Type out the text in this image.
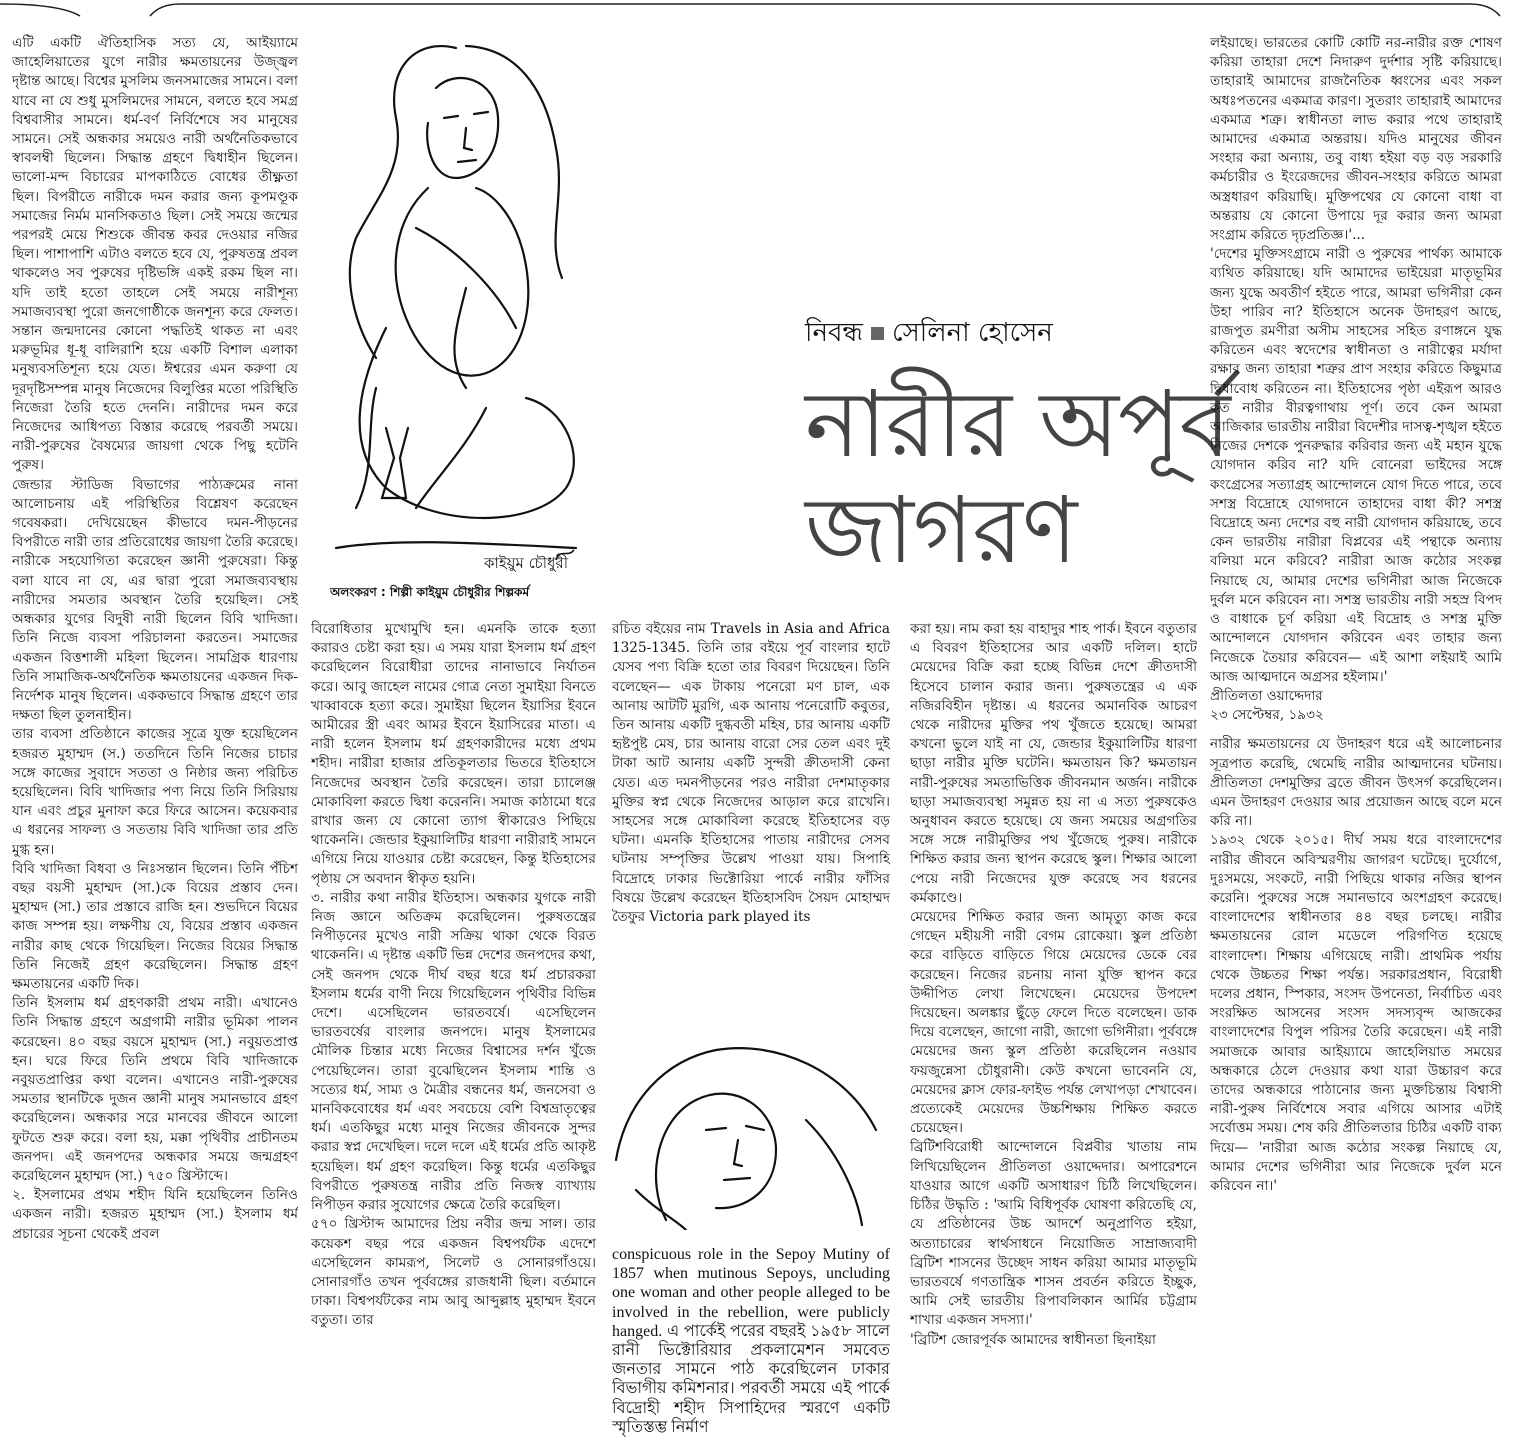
এটি একটি ঐতিহাসিক সত্য যে, আইয়্যামে জাহেলিয়াতের যুগে নারীর ক্ষমতায়নের উজ্জ্বল দৃষ্টান্ত আছে। বিশ্বের মুসলিম জনসমাজের সামনে। বলা যাবে না যে শুধু মুসলিমদের সামনে, বলতে হবে সমগ্র বিশ্ববাসীর সামনে। ধর্ম-বর্ণ নির্বিশেষে সব মানুষের সামনে। সেই অন্ধকার সময়েও নারী অর্থনৈতিকভাবে স্বাবলম্বী ছিলেন। সিদ্ধান্ত গ্রহণে দ্বিধাহীন ছিলেন। ভালো-মন্দ বিচারের মাপকাঠিতে বোধের তীক্ষ্ণতা ছিল। বিপরীতে নারীকে দমন করার জন্য কূপমণ্ডূক সমাজের নির্মম মানসিকতাও ছিল। সেই সময়ে জন্মের পরপরই মেয়ে শিশুকে জীবন্ত কবর দেওয়ার নজির ছিল। পাশাপাশি এটাও বলতে হবে যে, পুরুষতন্ত্র প্রবল থাকলেও সব পুরুষের দৃষ্টিভঙ্গি একই রকম ছিল না। যদি তাই হতো তাহলে সেই সময়ে নারীশূন্য সমাজব্যবস্থা পুরো জনগোষ্ঠীকে জনশূন্য করে ফেলত। সন্তান জন্মদানের কোনো পদ্ধতিই থাকত না এবং মরুভূমির ধূ-ধূ বালিরাশি হয়ে একটি বিশাল এলাকা মনুষ্যবসতিশূন্য হয়ে যেত। ঈশ্বরের এমন করুণা যে দূরদৃষ্টিসম্পন্ন মানুষ নিজেদের বিলুপ্তির মতো পরিস্থিতি নিজেরা তৈরি হতে দেননি। নারীদের দমন করে নিজেদের আধিপত্য বিস্তার করেছে পরবর্তী সময়ে। নারী-পুরুষের বৈষম্যের জায়গা থেকে পিছু হটেনি পুরুষ।

জেন্ডার স্টাডিজ বিভাগের পাঠ্যক্রমের নানা আলোচনায় এই পরিস্থিতির বিশ্লেষণ করেছেন গবেষকরা। দেখিয়েছেন কীভাবে দমন-পীড়নের বিপরীতে নারী তার প্রতিরোধের জায়গা তৈরি করেছে। নারীকে সহযোগিতা করেছেন জ্ঞানী পুরুষেরা। কিন্তু বলা যাবে না যে, এর দ্বারা পুরো সমাজব্যবস্থায় নারীদের সমতার অবস্থান তৈরি হয়েছিল। সেই অন্ধকার যুগের বিদুষী নারী ছিলেন বিবি খাদিজা। তিনি নিজে ব্যবসা পরিচালনা করতেন। সমাজের একজন বিত্তশালী মহিলা ছিলেন। সামগ্রিক ধারণায় তিনি সামাজিক-অর্থনৈতিক ক্ষমতায়নের একজন দিক-নির্দেশক মানুষ ছিলেন। এককভাবে সিদ্ধান্ত গ্রহণে তার দক্ষতা ছিল তুলনাহীন।

তার ব্যবসা প্রতিষ্ঠানে কাজের সূত্রে যুক্ত হয়েছিলেন হজরত মুহাম্মদ (স.) ততদিনে তিনি নিজের চাচার সঙ্গে কাজের সুবাদে সততা ও নিষ্ঠার জন্য পরিচিত হয়েছিলেন। বিবি খাদিজার পণ্য নিয়ে তিনি সিরিয়ায় যান এবং প্রচুর মুনাফা করে ফিরে আসেন। কয়েকবার এ ধরনের সাফল্য ও সততায় বিবি খাদিজা তার প্রতি মুগ্ধ হন।

বিবি খাদিজা বিধবা ও নিঃসন্তান ছিলেন। তিনি পঁচিশ বছর বয়সী মুহাম্মদ (সা.)কে বিয়ের প্রস্তাব দেন। মুহাম্মদ (সা.) তার প্রস্তাবে রাজি হন। শুভদিনে বিয়ের কাজ সম্পন্ন হয়। লক্ষণীয় যে, বিয়ের প্রস্তাব একজন নারীর কাছ থেকে গিয়েছিল। নিজের বিয়ের সিদ্ধান্ত তিনি নিজেই গ্রহণ করেছিলেন। সিদ্ধান্ত গ্রহণ ক্ষমতায়নের একটি দিক।

তিনি ইসলাম ধর্ম গ্রহণকারী প্রথম নারী। এখানেও তিনি সিদ্ধান্ত গ্রহণে অগ্রগামী নারীর ভূমিকা পালন করেছেন। ৪০ বছর বয়সে মুহাম্মদ (সা.) নবুয়তপ্রাপ্ত হন। ঘরে ফিরে তিনি প্রথমে বিবি খাদিজাকে নবুয়তপ্রাপ্তির কথা বলেন। এখানেও নারী-পুরুষের সমতার স্থানটিকে দুজন জ্ঞানী মানুষ সমানভাবে গ্রহণ করেছিলেন। অন্ধকার সরে মানবের জীবনে আলো ফুটতে শুরু করে। বলা হয়, মক্কা পৃথিবীর প্রাচীনতম জনপদ। এই জনপদের অন্ধকার সময়ে জন্মগ্রহণ করেছিলেন মুহাম্মদ (সা.) ৭৫০ খ্রিস্টাব্দে।

২. ইসলামের প্রথম শহীদ যিনি হয়েছিলেন তিনিও একজন নারী। হজরত মুহাম্মদ (সা.) ইসলাম ধর্ম প্রচারের সূচনা থেকেই প্রবল

কাইয়ুম চৌধুরী
অলংকরণ : শিল্পী কাইয়ুম চৌধুরীর শিল্পকর্ম
নিবন্ধ সেলিনা হোসেন
নারীর অপূর্ব
জাগরণ

বিরোধিতার মুখোমুখি হন। এমনকি তাকে হত্যা করারও চেষ্টা করা হয়। এ সময় যারা ইসলাম ধর্ম গ্রহণ করেছিলেন বিরোধীরা তাদের নানাভাবে নির্যাতন করে। আবু জাহেল নামের গোত্র নেতা সুমাইয়া বিনতে খাব্বাবকে হত্যা করে। সুমাইয়া ছিলেন ইয়াসির ইবনে আমীরের স্ত্রী এবং আমর ইবনে ইয়াসিরের মাতা। এ নারী হলেন ইসলাম ধর্ম গ্রহণকারীদের মধ্যে প্রথম শহীদ। নারীরা হাজার প্রতিকূলতার ভিতরে ইতিহাসে নিজেদের অবস্থান তৈরি করেছেন। তারা চ্যালেঞ্জ মোকাবিলা করতে দ্বিধা করেননি। সমাজ কাঠামো ধরে রাখার জন্য যে কোনো ত্যাগ স্বীকারেও পিছিয়ে থাকেননি। জেন্ডার ইকুয়ালিটির ধারণা নারীরাই সামনে এগিয়ে নিয়ে যাওয়ার চেষ্টা করেছেন, কিন্তু ইতিহাসের পৃষ্ঠায় সে অবদান স্বীকৃত হয়নি।

৩. নারীর কথা নারীর ইতিহাস। অন্ধকার যুগকে নারী নিজ জ্ঞানে অতিক্রম করেছিলেন। পুরুষতন্ত্রের নিপীড়নের মুখেও নারী সক্রিয় থাকা থেকে বিরত থাকেননি। এ দৃষ্টান্ত একটি ভিন্ন দেশের জনপদের কথা, সেই জনপদ থেকে দীর্ঘ বছর ধরে ধর্ম প্রচারকরা ইসলাম ধর্মের বাণী নিয়ে গিয়েছিলেন পৃথিবীর বিভিন্ন দেশে। এসেছিলেন ভারতবর্ষে। এসেছিলেন ভারতবর্ষের বাংলার জনপদে। মানুষ ইসলামের মৌলিক চিন্তার মধ্যে নিজের বিশ্বাসের দর্শন খুঁজে পেয়েছিলেন। তারা বুঝেছিলেন ইসলাম শান্তি ও সত্যের ধর্ম, সাম্য ও মৈত্রীর বন্ধনের ধর্ম, জনসেবা ও মানবিকবোধের ধর্ম এবং সবচেয়ে বেশি বিশ্বভ্রাতৃত্বের ধর্ম। এতকিছুর মধ্যে মানুষ নিজের জীবনকে সুন্দর করার স্বপ্ন দেখেছিল। দলে দলে এই ধর্মের প্রতি আকৃষ্ট হয়েছিল। ধর্ম গ্রহণ করেছিল। কিন্তু ধর্মের এতকিছুর বিপরীতে পুরুষতন্ত্র নারীর প্রতি নিজস্ব ব্যাখ্যায় নিপীড়ন করার সুযোগের ক্ষেত্রে তৈরি করেছিল।

৫৭০ খ্রিস্টাব্দ আমাদের প্রিয় নবীর জন্ম সাল। তার কয়েকশ বছর পরে একজন বিশ্বপর্যটক এদেশে এসেছিলেন কামরূপ, সিলেট ও সোনারগাঁওয়ে। সোনারগাঁও তখন পূর্ববঙ্গের রাজধানী ছিল। বর্তমানে ঢাকা। বিশ্বপর্যটকের নাম আবু আব্দুল্লাহ মুহাম্মদ ইবনে বতুতা। তার

রচিত বইয়ের নাম Travels in Asia and Africa 1325-1345. তিনি তার বইয়ে পূর্ব বাংলার হাটে যেসব পণ্য বিক্রি হতো তার বিবরণ দিয়েছেন। তিনি বলেছেন— এক টাকায় পনেরো মণ চাল, এক আনায় আটটি মুরগি, এক আনায় পনেরোটি কবুতর, তিন আনায় একটি দুগ্ধবতী মহিষ, চার আনায় একটি হৃষ্টপুষ্ট মেষ, চার আনায় বারো সের তেল এবং দুই টাকা আট আনায় একটি সুন্দরী ক্রীতদাসী কেনা যেত। এত দমনপীড়নের পরও নারীরা দেশমাতৃকার মুক্তির স্বপ্ন থেকে নিজেদের আড়াল করে রাখেনি। সাহসের সঙ্গে মোকাবিলা করেছে ইতিহাসের বড় ঘটনা। এমনকি ইতিহাসের পাতায় নারীদের সেসব ঘটনায় সম্পৃক্তির উল্লেখ পাওয়া যায়। সিপাহি বিদ্রোহে ঢাকার ভিক্টোরিয়া পার্কে নারীর ফাঁসির বিষয়ে উল্লেখ করেছেন ইতিহাসবিদ সৈয়দ মোহাম্মদ তৈফুর Victoria park played its

conspicuous role in the Sepoy Mutiny of 1857 when mutinous Sepoys, uncluding one woman and other people alleged to be involved in the rebellion, were publicly hanged. এ পার্কেই পরের বছরই ১৯৫৮ সালে রানী ভিক্টোরিয়ার প্রকলামেশন সমবেত জনতার সামনে পাঠ করেছিলেন ঢাকার বিভাগীয় কমিশনার। পরবর্তী সময়ে এই পার্কে বিদ্রোহী শহীদ সিপাহিদের স্মরণে একটি স্মৃতিস্তম্ভ নির্মাণ

করা হয়। নাম করা হয় বাহাদুর শাহ পার্ক। ইবনে বতুতার এ বিবরণ ইতিহাসের আর একটি দলিল। হাটে মেয়েদের বিক্রি করা হচ্ছে বিভিন্ন দেশে ক্রীতদাসী হিসেবে চালান করার জন্য। পুরুষতন্ত্রের এ এক নজিরবিহীন দৃষ্টান্ত। এ ধরনের অমানবিক আচরণ থেকে নারীদের মুক্তির পথ খুঁজতে হয়েছে। আমরা কখনো ভুলে যাই না যে, জেন্ডার ইকুয়ালিটির ধারণা ছাড়া নারীর মুক্তি ঘটেনি। ক্ষমতায়ন কি? ক্ষমতায়ন নারী-পুরুষের সমতাভিত্তিক জীবনমান অর্জন। নারীকে ছাড়া সমাজব্যবস্থা সমুন্নত হয় না এ সত্য পুরুষকেও অনুধাবন করতে হয়েছে। যে জন্য সময়ের অগ্রগতির সঙ্গে সঙ্গে নারীমুক্তির পথ খুঁজেছে পুরুষ। নারীকে শিক্ষিত করার জন্য স্থাপন করেছে স্কুল। শিক্ষার আলো পেয়ে নারী নিজেদের যুক্ত করেছে সব ধরনের কর্মকাণ্ডে।

মেয়েদের শিক্ষিত করার জন্য আমৃত্যু কাজ করে গেছেন মহীয়সী নারী বেগম রোকেয়া। স্কুল প্রতিষ্ঠা করে বাড়িতে বাড়িতে গিয়ে মেয়েদের ডেকে বের করেছেন। নিজের রচনায় নানা যুক্তি স্থাপন করে উদ্দীপিত লেখা লিখেছেন। মেয়েদের উপদেশ দিয়েছেন। অলঙ্কার ছুঁড়ে ফেলে দিতে বলেছেন। ডাক দিয়ে বলেছেন, জাগো নারী, জাগো ভগিনীরা। পূর্ববঙ্গে মেয়েদের জন্য স্কুল প্রতিষ্ঠা করেছিলেন নওয়াব ফয়জুন্নেসা চৌধুরানী। কেউ কখনো ভাবেননি যে, মেয়েদের ক্লাস ফোর-ফাইভ পর্যন্ত লেখাপড়া শেখাবেন। প্রত্যেকেই মেয়েদের উচ্চশিক্ষায় শিক্ষিত করতে চেয়েছেন।

ব্রিটিশবিরোধী আন্দোলনে বিপ্লবীর খাতায় নাম লিখিয়েছিলেন প্রীতিলতা ওয়াদ্দেদার। অপারেশনে যাওয়ার আগে একটি অসাধারণ চিঠি লিখেছিলেন। চিঠির উদ্ধৃতি : 'আমি বিধিপূর্বক ঘোষণা করিতেছি যে, যে প্রতিষ্ঠানের উচ্চ আদর্শে অনুপ্রাণিত হইয়া, অত্যাচারের স্বার্থসাধনে নিয়োজিত সাম্রাজ্যবাদী ব্রিটিশ শাসনের উচ্ছেদ সাধন করিয়া আমার মাতৃভূমি ভারতবর্ষে গণতান্ত্রিক শাসন প্রবর্তন করিতে ইচ্ছুক, আমি সেই ভারতীয় রিপাবলিকান আর্মির চট্টগ্রাম শাখার একজন সদস্যা।'

'ব্রিটিশ জোরপূর্বক আমাদের স্বাধীনতা ছিনাইয়া

লইয়াছে। ভারতের কোটি কোটি নর-নারীর রক্ত শোষণ করিয়া তাহারা দেশে নিদারুণ দুর্দশার সৃষ্টি করিয়াছে। তাহারাই আমাদের রাজনৈতিক ধ্বংসের এবং সকল অধঃপতনের একমাত্র কারণ। সুতরাং তাহারাই আমাদের একমাত্র শত্রু। স্বাধীনতা লাভ করার পথে তাহারাই আমাদের একমাত্র অন্তরায়। যদিও মানুষের জীবন সংহার করা অন্যায়, তবু বাধ্য হইয়া বড় বড় সরকারি কর্মচারীর ও ইংরেজদের জীবন-সংহার করিতে আমরা অস্ত্রধারণ করিয়াছি। মুক্তিপথের যে কোনো বাধা বা অন্তরায় যে কোনো উপায়ে দূর করার জন্য আমরা সংগ্রাম করিতে দৃঢ়প্রতিজ্ঞ।'...

'দেশের মুক্তিসংগ্রামে নারী ও পুরুষের পার্থক্য আমাকে ব্যথিত করিয়াছে। যদি আমাদের ভাইয়েরা মাতৃভূমির জন্য যুদ্ধে অবতীর্ণ হইতে পারে, আমরা ভগিনীরা কেন উহা পারিব না? ইতিহাসে অনেক উদাহরণ আছে, রাজপুত রমণীরা অসীম সাহসের সহিত রণাঙ্গনে যুদ্ধ করিতেন এবং স্বদেশের স্বাধীনতা ও নারীত্বের মর্যাদা রক্ষার জন্য তাহারা শত্রুর প্রাণ সংহার করিতে কিছুমাত্র দ্বিধাবোধ করিতেন না। ইতিহাসের পৃষ্ঠা এইরূপ আরও কত নারীর বীরত্বগাথায় পূর্ণ। তবে কেন আমরা আজিকার ভারতীয় নারীরা বিদেশীর দাসত্ব-শৃঙ্খল হইতে নিজের দেশকে পুনরুদ্ধার করিবার জন্য এই মহান যুদ্ধে যোগদান করিব না? যদি বোনেরা ভাইদের সঙ্গে কংগ্রেসের সত্যাগ্রহ আন্দোলনে যোগ দিতে পারে, তবে সশস্ত্র বিদ্রোহে যোগদানে তাহাদের বাধা কী? সশস্ত্র বিদ্রোহে অন্য দেশের বহু নারী যোগদান করিয়াছে, তবে কেন ভারতীয় নারীরা বিপ্লবের এই পন্থাকে অন্যায় বলিয়া মনে করিবে? নারীরা আজ কঠোর সংকল্প নিয়াছে যে, আমার দেশের ভগিনীরা আজ নিজেকে দুর্বল মনে করিবেন না। সশস্ত্র ভারতীয় নারী সহস্র বিপদ ও বাধাকে চূর্ণ করিয়া এই বিদ্রোহ ও সশস্ত্র মুক্তি আন্দোলনে যোগদান করিবেন এবং তাহার জন্য নিজেকে তৈয়ার করিবেন— এই আশা লইয়াই আমি আজ আত্মদানে অগ্রসর হইলাম।'

প্রীতিলতা ওয়াদ্দেদার
২৩ সেপ্টেম্বর, ১৯৩২

নারীর ক্ষমতায়নের যে উদাহরণ ধরে এই আলোচনার সূত্রপাত করেছি, থেমেছি নারীর আত্মদানের ঘটনায়। প্রীতিলতা দেশমুক্তির ব্রতে জীবন উৎসর্গ করেছিলেন। এমন উদাহরণ দেওয়ার আর প্রয়োজন আছে বলে মনে করি না।

১৯৩২ থেকে ২০১৫। দীর্ঘ সময় ধরে বাংলাদেশের নারীর জীবনে অবিস্মরণীয় জাগরণ ঘটেছে। দুর্যোগে, দুঃসময়ে, সংকটে, নারী পিছিয়ে থাকার নজির স্থাপন করেনি। পুরুষের সঙ্গে সমানভাবে অংশগ্রহণ করেছে। বাংলাদেশের স্বাধীনতার ৪৪ বছর চলছে। নারীর ক্ষমতায়নের রোল মডেলে পরিগণিত হয়েছে বাংলাদেশ। শিক্ষায় এগিয়েছে নারী। প্রাথমিক পর্যায় থেকে উচ্চতর শিক্ষা পর্যন্ত। সরকারপ্রধান, বিরোধী দলের প্রধান, স্পিকার, সংসদ উপনেতা, নির্বাচিত এবং সংরক্ষিত আসনের সংসদ সদস্যবৃন্দ আজকের বাংলাদেশের বিপুল পরিসর তৈরি করেছেন। এই নারী সমাজকে আবার আইয়্যামে জাহেলিয়াত সময়ের অন্ধকারে ঠেলে দেওয়ার কথা যারা উচ্চারণ করে তাদের অন্ধকারে পাঠানোর জন্য মুক্তচিন্তায় বিশ্বাসী নারী-পুরুষ নির্বিশেষে সবার এগিয়ে আসার এটাই সর্বোত্তম সময়। শেষ করি প্রীতিলতার চিঠির একটি বাক্য দিয়ে— 'নারীরা আজ কঠোর সংকল্প নিয়াছে যে, আমার দেশের ভগিনীরা আর নিজেকে দুর্বল মনে করিবেন না।'
